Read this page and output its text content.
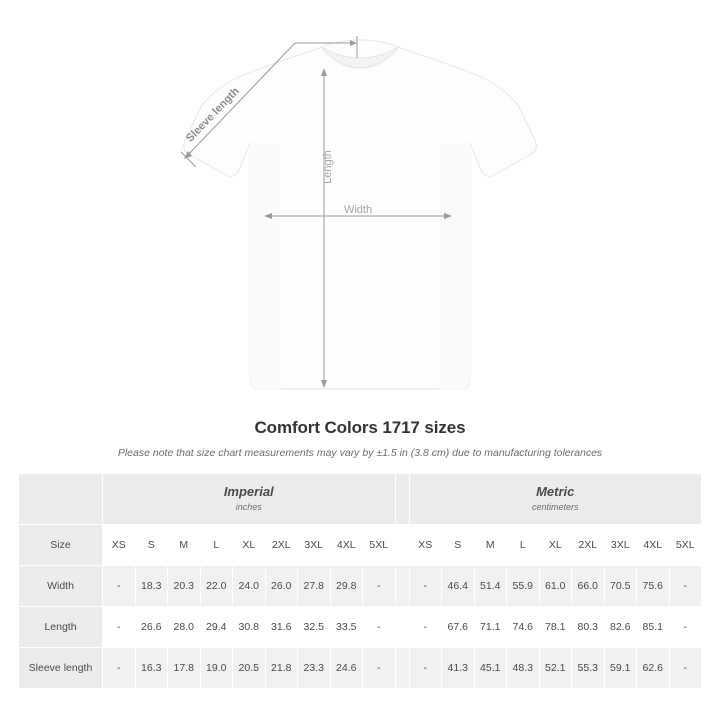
Sleeve length
Length
Width
Comfort Colors 1717 sizes
Please note that size chart measurements may vary by ±1.5 in (3.8 cm) due to manufacturing tolerances

Imperial
inches

Metric
centimeters

Size	XS	S	M	L	XL	2XL	3XL	4XL	5XL		XS	S	M	L	XL	2XL	3XL	4XL	5XL
Width	-	18.3	20.3	22.0	24.0	26.0	27.8	29.8	-		-	46.4	51.4	55.9	61.0	66.0	70.5	75.6	-
Length	-	26.6	28.0	29.4	30.8	31.6	32.5	33.5	-		-	67.6	71.1	74.6	78.1	80.3	82.6	85.1	-
Sleeve length	-	16.3	17.8	19.0	20.5	21.8	23.3	24.6	-		-	41.3	45.1	48.3	52.1	55.3	59.1	62.6	-
